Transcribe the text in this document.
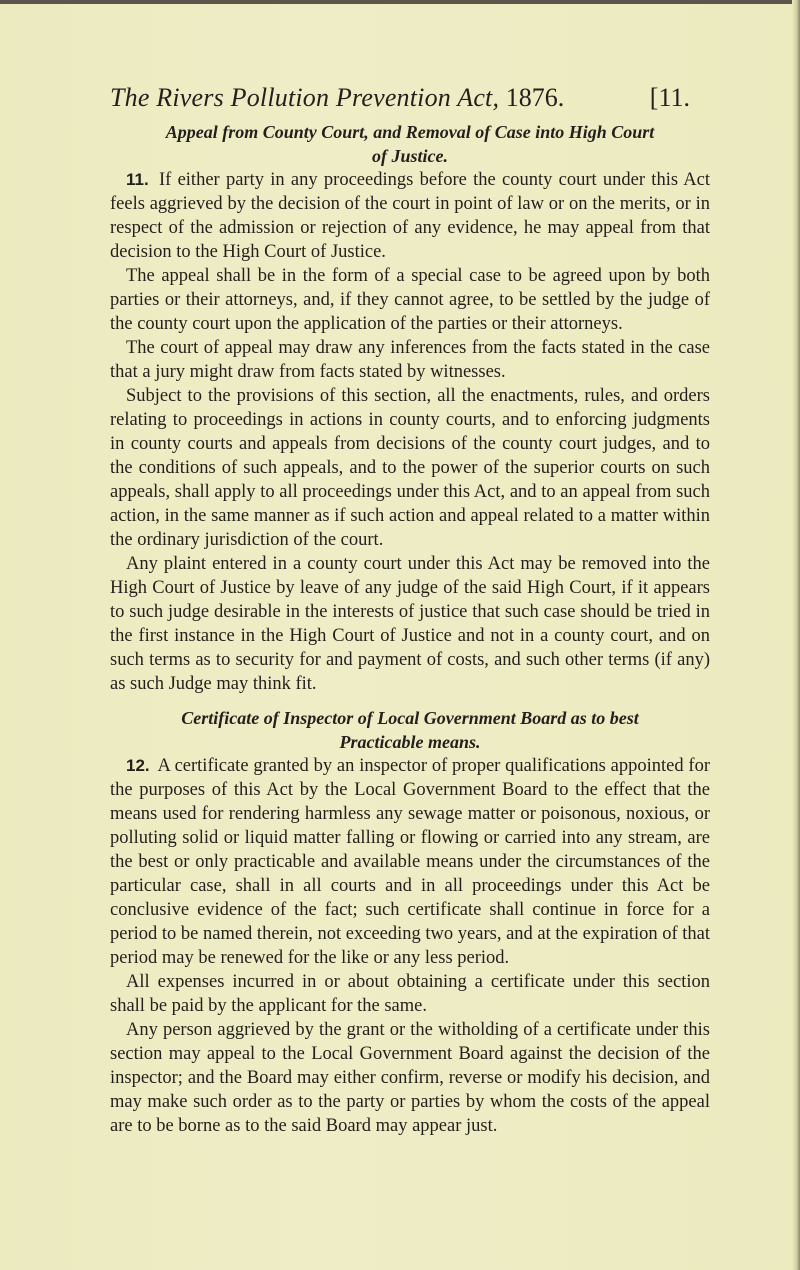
The Rivers Pollution Prevention Act, 1876.	[11.
Appeal from County Court, and Removal of Case into High Court
of Justice.

11. If either party in any proceedings before the county court under this Act feels aggrieved by the decision of the court in point of law or on the merits, or in respect of the admission or rejection of any evidence, he may appeal from that decision to the High Court of Justice.

The appeal shall be in the form of a special case to be agreed upon by both parties or their attorneys, and, if they cannot agree, to be settled by the judge of the county court upon the application of the parties or their attorneys.

The court of appeal may draw any inferences from the facts stated in the case that a jury might draw from facts stated by witnesses.

Subject to the provisions of this section, all the enactments, rules, and orders relating to proceedings in actions in county courts, and to enforcing judgments in county courts and appeals from decisions of the county court judges, and to the conditions of such appeals, and to the power of the superior courts on such appeals, shall apply to all proceedings under this Act, and to an appeal from such action, in the same manner as if such action and appeal related to a matter within the ordinary jurisdiction of the court.

Any plaint entered in a county court under this Act may be removed into the High Court of Justice by leave of any judge of the said High Court, if it appears to such judge desirable in the interests of justice that such case should be tried in the first instance in the High Court of Justice and not in a county court, and on such terms as to security for and payment of costs, and such other terms (if any) as such Judge may think fit.

Certificate of Inspector of Local Government Board as to best
Practicable means.

12. A certificate granted by an inspector of proper qualifications appointed for the purposes of this Act by the Local Government Board to the effect that the means used for rendering harmless any sewage matter or poisonous, noxious, or polluting solid or liquid matter falling or flowing or carried into any stream, are the best or only practicable and available means under the circumstances of the particular case, shall in all courts and in all proceedings under this Act be conclusive evidence of the fact; such certificate shall continue in force for a period to be named therein, not exceeding two years, and at the expiration of that period may be renewed for the like or any less period.

All expenses incurred in or about obtaining a certificate under this section shall be paid by the applicant for the same.

Any person aggrieved by the grant or the witholding of a certificate under this section may appeal to the Local Government Board against the decision of the inspector; and the Board may either confirm, reverse or modify his decision, and may make such order as to the party or parties by whom the costs of the appeal are to be borne as to the said Board may appear just.
